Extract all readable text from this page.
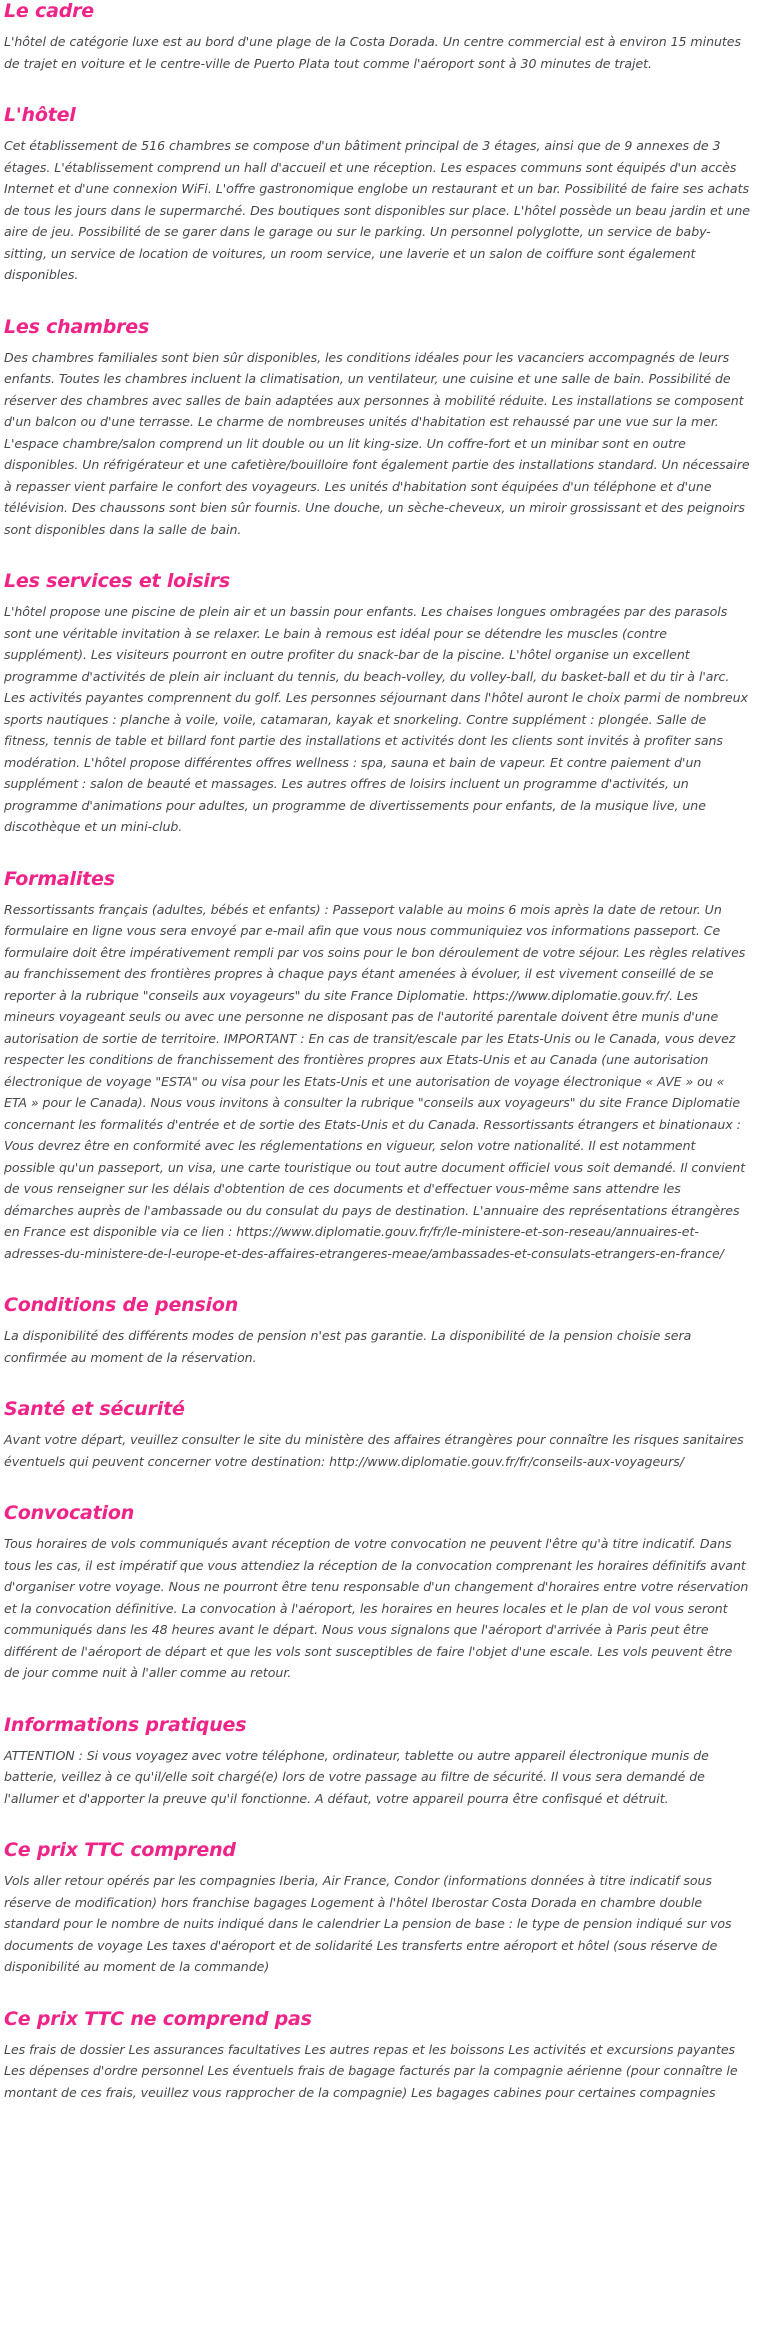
Le cadre

L'hôtel de catégorie luxe est au bord d'une plage de la Costa Dorada. Un centre commercial est à environ 15 minutes de trajet en voiture et le centre-ville de Puerto Plata tout comme l'aéroport sont à 30 minutes de trajet.

L'hôtel

Cet établissement de 516 chambres se compose d'un bâtiment principal de 3 étages, ainsi que de 9 annexes de 3 étages. L'établissement comprend un hall d'accueil et une réception. Les espaces communs sont équipés d'un accès Internet et d'une connexion WiFi. L'offre gastronomique englobe un restaurant et un bar. Possibilité de faire ses achats de tous les jours dans le supermarché. Des boutiques sont disponibles sur place. L'hôtel possède un beau jardin et une aire de jeu. Possibilité de se garer dans le garage ou sur le parking. Un personnel polyglotte, un service de baby-sitting, un service de location de voitures, un room service, une laverie et un salon de coiffure sont également disponibles.

Les chambres

Des chambres familiales sont bien sûr disponibles, les conditions idéales pour les vacanciers accompagnés de leurs enfants. Toutes les chambres incluent la climatisation, un ventilateur, une cuisine et une salle de bain. Possibilité de réserver des chambres avec salles de bain adaptées aux personnes à mobilité réduite. Les installations se composent d'un balcon ou d'une terrasse. Le charme de nombreuses unités d'habitation est rehaussé par une vue sur la mer. L'espace chambre/salon comprend un lit double ou un lit king-size. Un coffre-fort et un minibar sont en outre disponibles. Un réfrigérateur et une cafetière/bouilloire font également partie des installations standard. Un nécessaire à repasser vient parfaire le confort des voyageurs. Les unités d'habitation sont équipées d'un téléphone et d'une télévision. Des chaussons sont bien sûr fournis. Une douche, un sèche-cheveux, un miroir grossissant et des peignoirs sont disponibles dans la salle de bain.

Les services et loisirs

L'hôtel propose une piscine de plein air et un bassin pour enfants. Les chaises longues ombragées par des parasols sont une véritable invitation à se relaxer. Le bain à remous est idéal pour se détendre les muscles (contre supplément). Les visiteurs pourront en outre profiter du snack-bar de la piscine. L'hôtel organise un excellent programme d'activités de plein air incluant du tennis, du beach-volley, du volley-ball, du basket-ball et du tir à l'arc. Les activités payantes comprennent du golf. Les personnes séjournant dans l'hôtel auront le choix parmi de nombreux sports nautiques : planche à voile, voile, catamaran, kayak et snorkeling. Contre supplément : plongée. Salle de fitness, tennis de table et billard font partie des installations et activités dont les clients sont invités à profiter sans modération. L'hôtel propose différentes offres wellness : spa, sauna et bain de vapeur. Et contre paiement d'un supplément : salon de beauté et massages. Les autres offres de loisirs incluent un programme d'activités, un programme d'animations pour adultes, un programme de divertissements pour enfants, de la musique live, une discothèque et un mini-club.

Formalites

Ressortissants français (adultes, bébés et enfants) : Passeport valable au moins 6 mois après la date de retour. Un formulaire en ligne vous sera envoyé par e-mail afin que vous nous communiquiez vos informations passeport. Ce formulaire doit être impérativement rempli par vos soins pour le bon déroulement de votre séjour. Les règles relatives au franchissement des frontières propres à chaque pays étant amenées à évoluer, il est vivement conseillé de se reporter à la rubrique "conseils aux voyageurs" du site France Diplomatie. https://www.diplomatie.gouv.fr/. Les mineurs voyageant seuls ou avec une personne ne disposant pas de l'autorité parentale doivent être munis d'une autorisation de sortie de territoire. IMPORTANT : En cas de transit/escale par les Etats-Unis ou le Canada, vous devez respecter les conditions de franchissement des frontières propres aux Etats-Unis et au Canada (une autorisation électronique de voyage "ESTA" ou visa pour les Etats-Unis et une autorisation de voyage électronique « AVE » ou « ETA » pour le Canada). Nous vous invitons à consulter la rubrique "conseils aux voyageurs" du site France Diplomatie concernant les formalités d'entrée et de sortie des Etats-Unis et du Canada. Ressortissants étrangers et binationaux : Vous devrez être en conformité avec les réglementations en vigueur, selon votre nationalité. Il est notamment possible qu'un passeport, un visa, une carte touristique ou tout autre document officiel vous soit demandé. Il convient de vous renseigner sur les délais d'obtention de ces documents et d'effectuer vous-même sans attendre les démarches auprès de l'ambassade ou du consulat du pays de destination. L'annuaire des représentations étrangères en France est disponible via ce lien : https://www.diplomatie.gouv.fr/fr/le-ministere-et-son-reseau/annuaires-et-adresses-du-ministere-de-l-europe-et-des-affaires-etrangeres-meae/ambassades-et-consulats-etrangers-en-france/

Conditions de pension

La disponibilité des différents modes de pension n'est pas garantie. La disponibilité de la pension choisie sera confirmée au moment de la réservation.

Santé et sécurité

Avant votre départ, veuillez consulter le site du ministère des affaires étrangères pour connaître les risques sanitaires éventuels qui peuvent concerner votre destination: http://www.diplomatie.gouv.fr/fr/conseils-aux-voyageurs/

Convocation

Tous horaires de vols communiqués avant réception de votre convocation ne peuvent l'être qu'à titre indicatif. Dans tous les cas, il est impératif que vous attendiez la réception de la convocation comprenant les horaires définitifs avant d'organiser votre voyage. Nous ne pourront être tenu responsable d'un changement d'horaires entre votre réservation et la convocation définitive. La convocation à l'aéroport, les horaires en heures locales et le plan de vol vous seront communiqués dans les 48 heures avant le départ. Nous vous signalons que l'aéroport d'arrivée à Paris peut être différent de l'aéroport de départ et que les vols sont susceptibles de faire l'objet d'une escale. Les vols peuvent être de jour comme nuit à l'aller comme au retour.

Informations pratiques

ATTENTION : Si vous voyagez avec votre téléphone, ordinateur, tablette ou autre appareil électronique munis de batterie, veillez à ce qu'il/elle soit chargé(e) lors de votre passage au filtre de sécurité. Il vous sera demandé de l'allumer et d'apporter la preuve qu'il fonctionne. A défaut, votre appareil pourra être confisqué et détruit.

Ce prix TTC comprend

Vols aller retour opérés par les compagnies Iberia, Air France, Condor (informations données à titre indicatif sous réserve de modification) hors franchise bagages Logement à l'hôtel Iberostar Costa Dorada en chambre double standard pour le nombre de nuits indiqué dans le calendrier La pension de base : le type de pension indiqué sur vos documents de voyage Les taxes d'aéroport et de solidarité Les transferts entre aéroport et hôtel (sous réserve de disponibilité au moment de la commande)

Ce prix TTC ne comprend pas

Les frais de dossier Les assurances facultatives Les autres repas et les boissons Les activités et excursions payantes Les dépenses d'ordre personnel Les éventuels frais de bagage facturés par la compagnie aérienne (pour connaître le montant de ces frais, veuillez vous rapprocher de la compagnie) Les bagages cabines pour certaines compagnies
